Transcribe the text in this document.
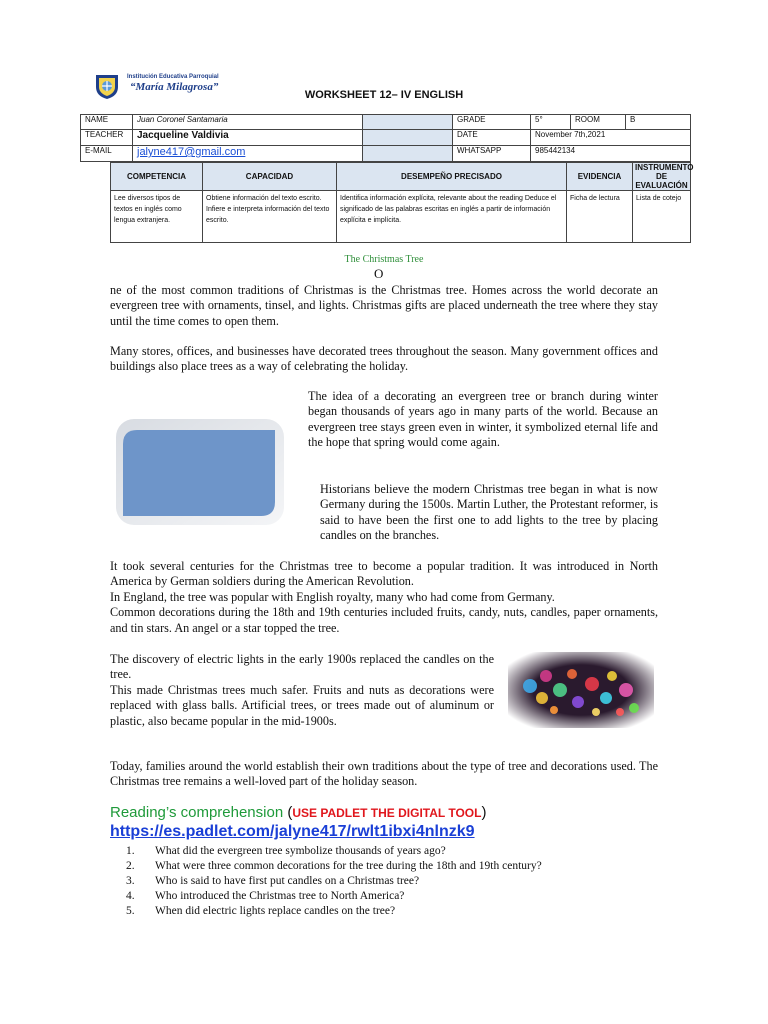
Institución Educativa Parroquial
“María Milagrosa”
WORKSHEET 12– IV ENGLISH
NAME	Juan Coronel Santamaria		GRADE	5°	ROOM	B
TEACHER	Jacqueline Valdivia		DATE	November 7th,2021		
E-MAIL	jalyne417@gmail.com		WHATSAPP	985442134		
COMPETENCIA	CAPACIDAD	DESEMPEÑO PRECISADO	EVIDENCIA	INSTRUMENTO DE EVALUACIÓN
Lee diversos tipos de textos en inglés como lengua extranjera.	Obtiene información del texto escrito. Infiere e interpreta información del texto escrito.	Identifica información explícita, relevante about the reading Deduce el significado de las palabras escritas en inglés a partir de información explícita e implícita.	Ficha de lectura	Lista de cotejo
The Christmas Tree
O
ne of the most common traditions of Christmas is the Christmas tree. Homes across the world decorate an evergreen tree with ornaments, tinsel, and lights. Christmas gifts are placed underneath the tree where they stay until the time comes to open them.
Many stores, offices, and businesses have decorated trees throughout the season. Many government offices and buildings also place trees as a way of celebrating the holiday.
The idea of a decorating an evergreen tree or branch during winter began thousands of years ago in many parts of the world. Because an evergreen tree stays green even in winter, it symbolized eternal life and the hope that spring would come again.
Historians believe the modern Christmas tree began in what is now Germany during the 1500s. Martin Luther, the Protestant reformer, is said to have been the first one to add lights to the tree by placing candles on the branches.
It took several centuries for the Christmas tree to become a popular tradition. It was introduced in North America by German soldiers during the American Revolution.
In England, the tree was popular with English royalty, many who had come from Germany.
Common decorations during the 18th and 19th centuries included fruits, candy, nuts, candles, paper ornaments, and tin stars. An angel or a star topped the tree.
The discovery of electric lights in the early 1900s replaced the candles on the tree.
This made Christmas trees much safer. Fruits and nuts as decorations were replaced with glass balls. Artificial trees, or trees made out of aluminum or plastic, also became popular in the mid-1900s.
Today, families around the world establish their own traditions about the type of tree and decorations used. The Christmas tree remains a well-loved part of the holiday season.
Reading’s comprehension (USE PADLET THE DIGITAL TOOL)
https://es.padlet.com/jalyne417/rwlt1ibxi4nlnzk9
1. What did the evergreen tree symbolize thousands of years ago?
2. What were three common decorations for the tree during the 18th and 19th century?
3. Who is said to have first put candles on a Christmas tree?
4. Who introduced the Christmas tree to North America?
5. When did electric lights replace candles on the tree?
